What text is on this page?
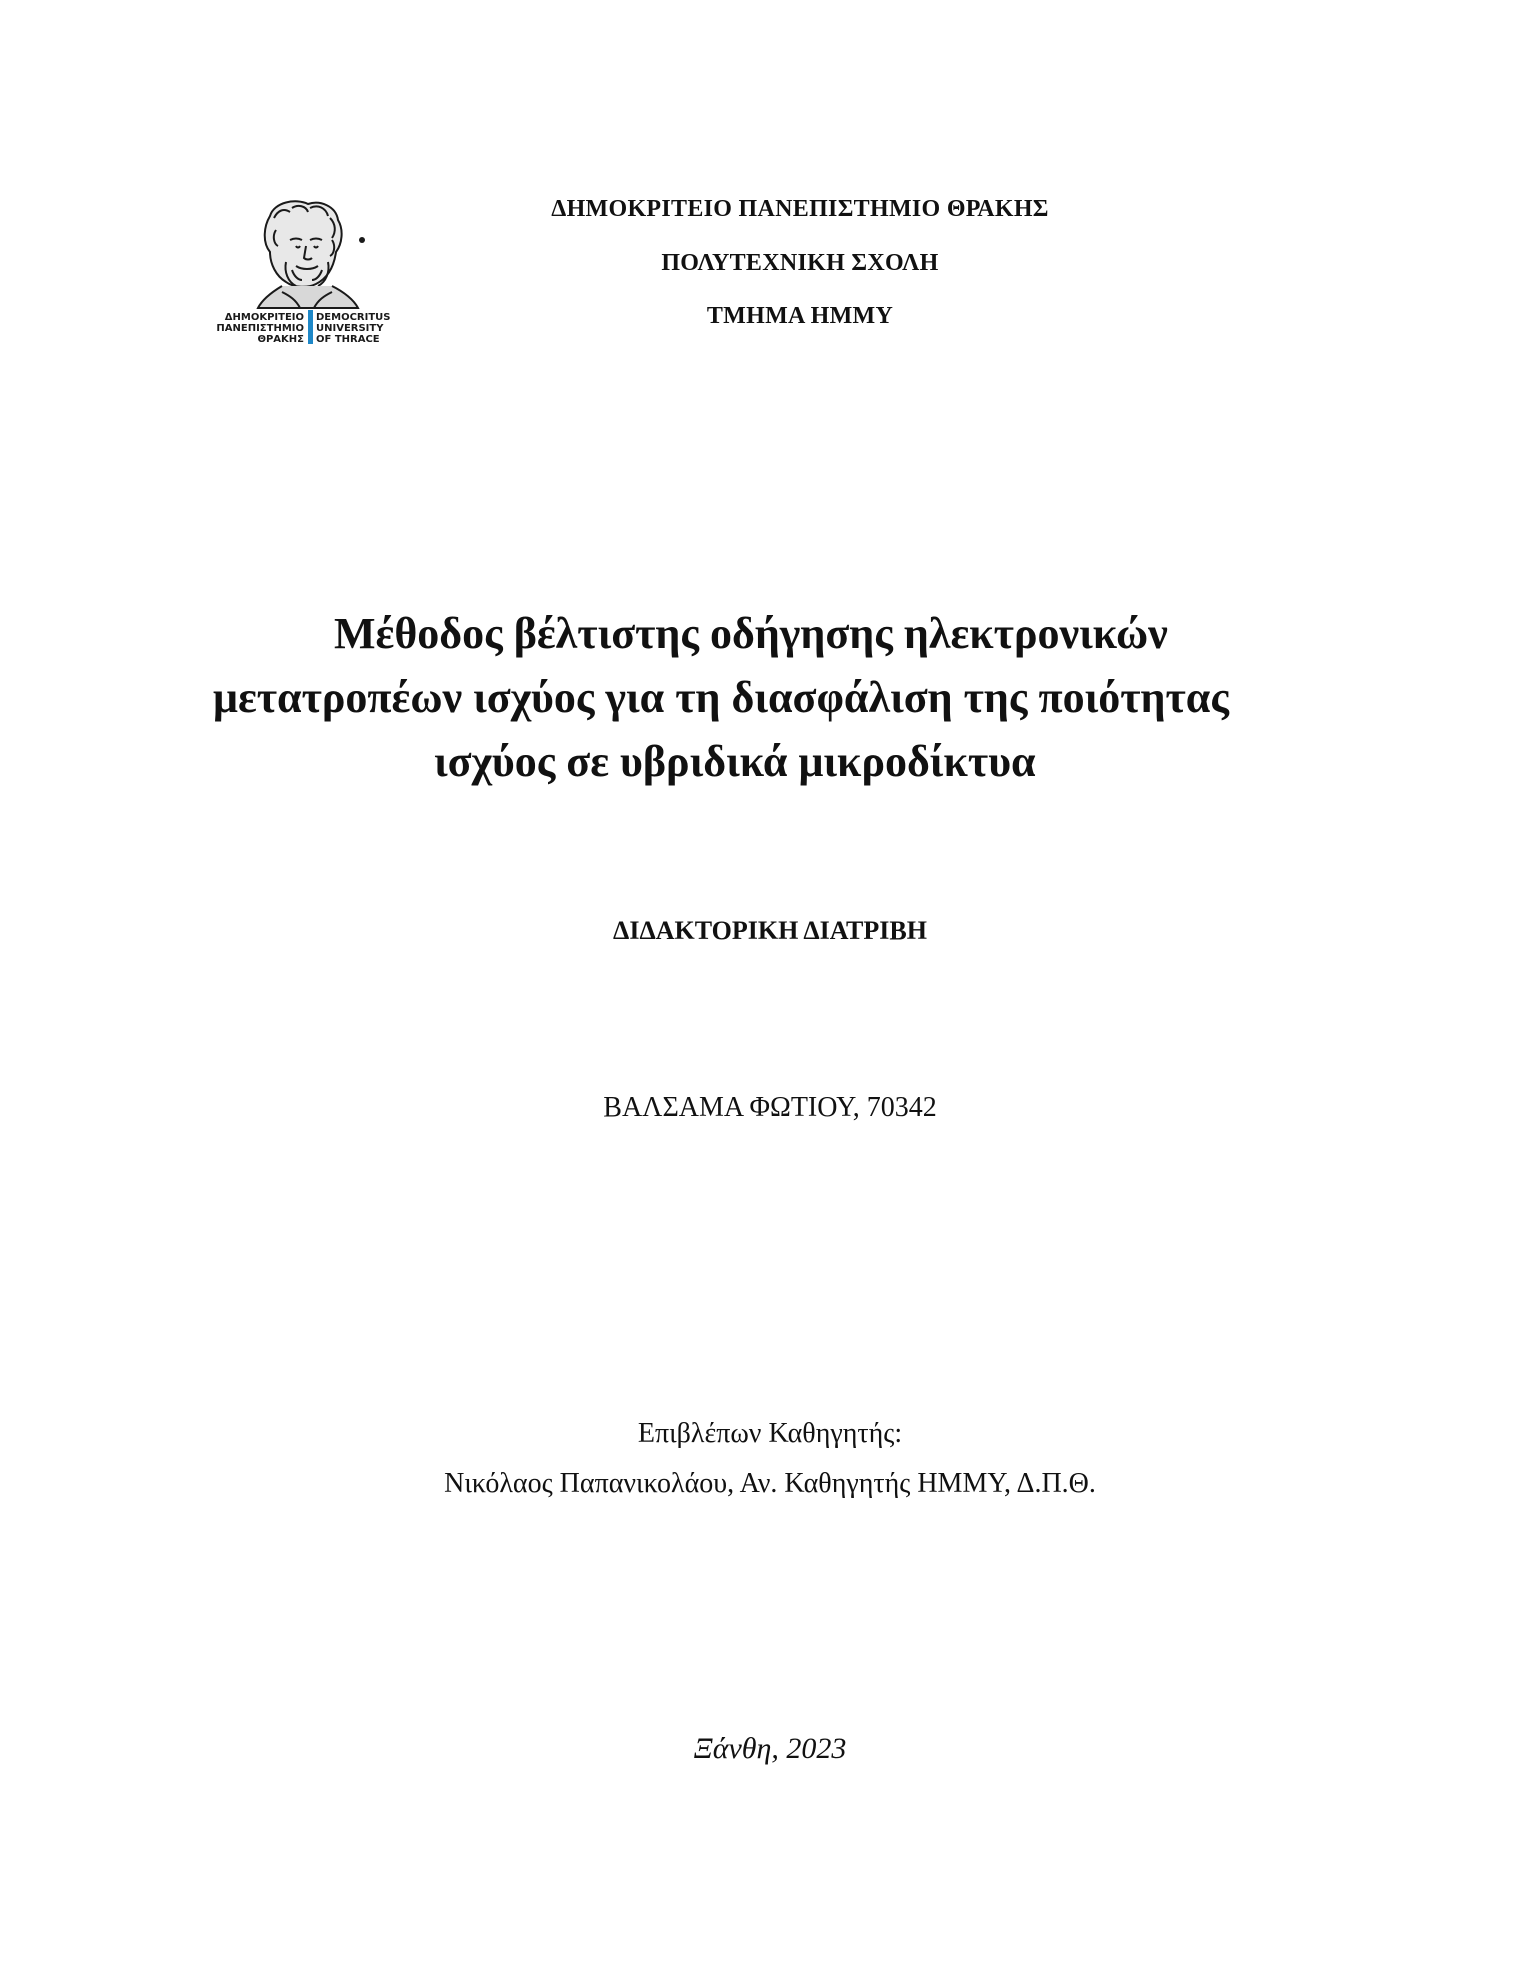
ΔΗΜΟΚΡΙΤΕΙΟ
ΠΑΝΕΠΙΣΤΗΜΙΟ
ΘΡΑΚΗΣ
DEMOCRITUS
UNIVERSITY
OF THRACE
ΔΗΜΟΚΡΙΤΕΙΟ ΠΑΝΕΠΙΣΤΗΜΙΟ ΘΡΑΚΗΣ
ΠΟΛΥΤΕΧΝΙΚΗ ΣΧΟΛΗ
ΤΜΗΜΑ ΗΜΜΥ
Μέθοδος βέλτιστης οδήγησης ηλεκτρονικών
μετατροπέων ισχύος για τη διασφάλιση της ποιότητας
ισχύος σε υβριδικά μικροδίκτυα
ΔΙΔΑΚΤΟΡΙΚΗ ΔΙΑΤΡΙΒΗ
ΒΑΛΣΑΜΑ ΦΩΤΙΟΥ, 70342
Επιβλέπων Καθηγητής:
Νικόλαος Παπανικολάου, Αν. Καθηγητής ΗΜΜΥ, Δ.Π.Θ.
Ξάνθη, 2023
